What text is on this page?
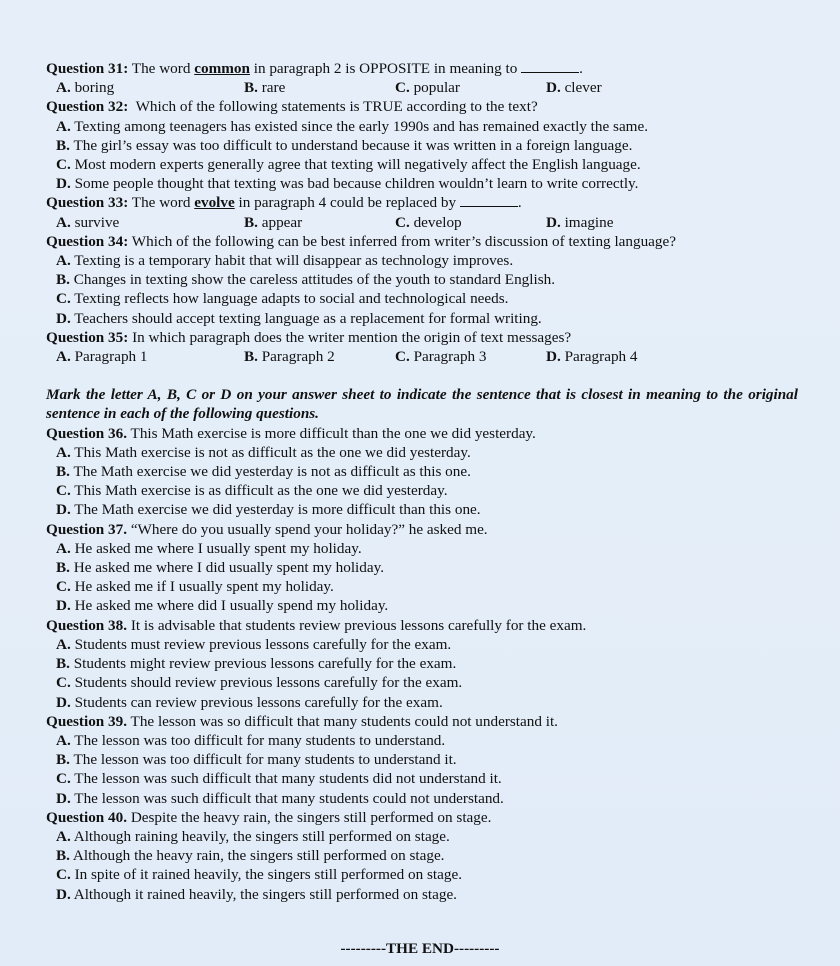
Question 31: The word common in paragraph 2 is OPPOSITE in meaning to	.
A. boring	B. rare	C. popular	D. clever
Question 32:  Which of the following statements is TRUE according to the text?
A. Texting among teenagers has existed since the early 1990s and has remained exactly the same.
B. The girl’s essay was too difficult to understand because it was written in a foreign language.
C. Most modern experts generally agree that texting will negatively affect the English language.
D. Some people thought that texting was bad because children wouldn’t learn to write correctly.
Question 33: The word evolve in paragraph 4 could be replaced by	.
A. survive	B. appear	C. develop	D. imagine
Question 34: Which of the following can be best inferred from writer’s discussion of texting language?
A. Texting is a temporary habit that will disappear as technology improves.
B. Changes in texting show the careless attitudes of the youth to standard English.
C. Texting reflects how language adapts to social and technological needs.
D. Teachers should accept texting language as a replacement for formal writing.
Question 35: In which paragraph does the writer mention the origin of text messages?
A. Paragraph 1	B. Paragraph 2	C. Paragraph 3	D. Paragraph 4
Mark the letter A, B, C or D on your answer sheet to indicate the sentence that is closest in meaning to the original sentence in each of the following questions.
Question 36. This Math exercise is more difficult than the one we did yesterday.
A. This Math exercise is not as difficult as the one we did yesterday.
B. The Math exercise we did yesterday is not as difficult as this one.
C. This Math exercise is as difficult as the one we did yesterday.
D. The Math exercise we did yesterday is more difficult than this one.
Question 37. “Where do you usually spend your holiday?” he asked me.
A. He asked me where I usually spent my holiday.
B. He asked me where I did usually spent my holiday.
C. He asked me if I usually spent my holiday.
D. He asked me where did I usually spend my holiday.
Question 38. It is advisable that students review previous lessons carefully for the exam.
A. Students must review previous lessons carefully for the exam.
B. Students might review previous lessons carefully for the exam.
C. Students should review previous lessons carefully for the exam.
D. Students can review previous lessons carefully for the exam.
Question 39. The lesson was so difficult that many students could not understand it.
A. The lesson was too difficult for many students to understand.
B. The lesson was too difficult for many students to understand it.
C. The lesson was such difficult that many students did not understand it.
D. The lesson was such difficult that many students could not understand.
Question 40. Despite the heavy rain, the singers still performed on stage.
A. Although raining heavily, the singers still performed on stage.
B. Although the heavy rain, the singers still performed on stage.
C. In spite of it rained heavily, the singers still performed on stage.
D. Although it rained heavily, the singers still performed on stage.
---------THE END---------
